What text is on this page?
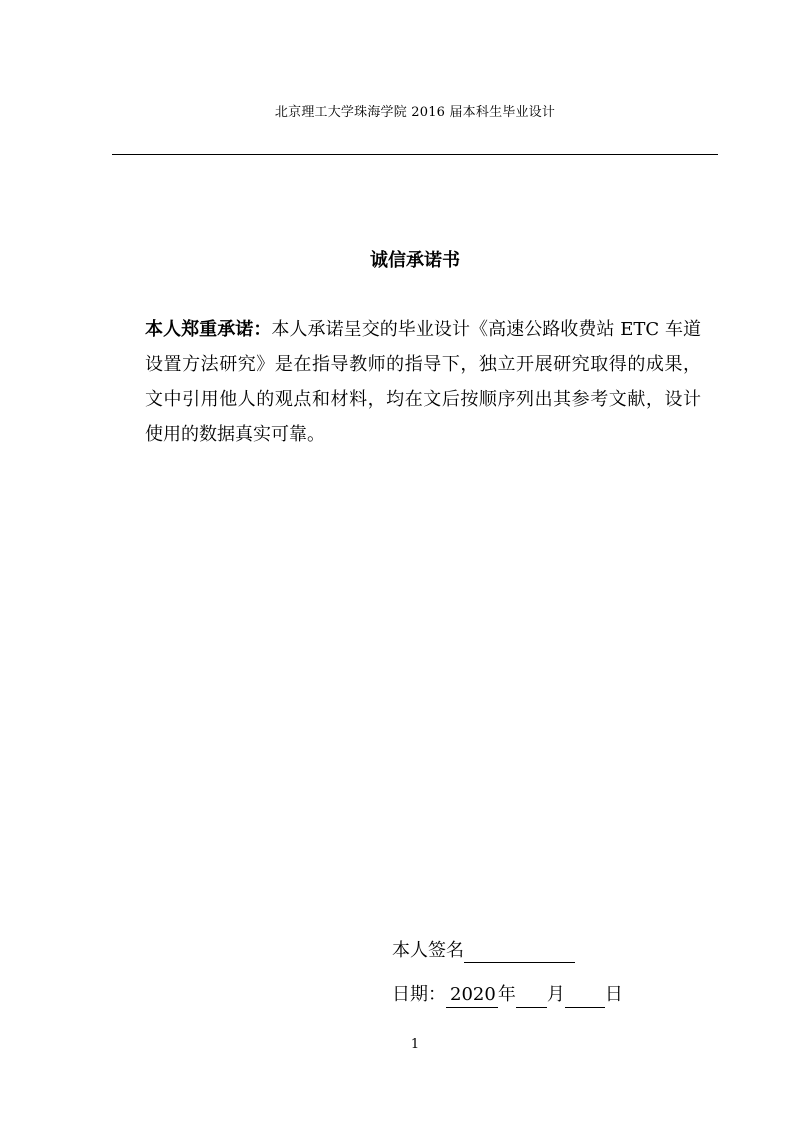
北京理工大学珠海学院 2016 届本科生毕业设计
诚信承诺书
本人郑重承诺：本人承诺呈交的毕业设计《高速公路收费站 ETC 车道设置方法研究》是在指导教师的指导下，独立开展研究取得的成果，文中引用他人的观点和材料，均在文后按顺序列出其参考文献，设计使用的数据真实可靠。
本人签名
日期： 2020 年 月 日
1
